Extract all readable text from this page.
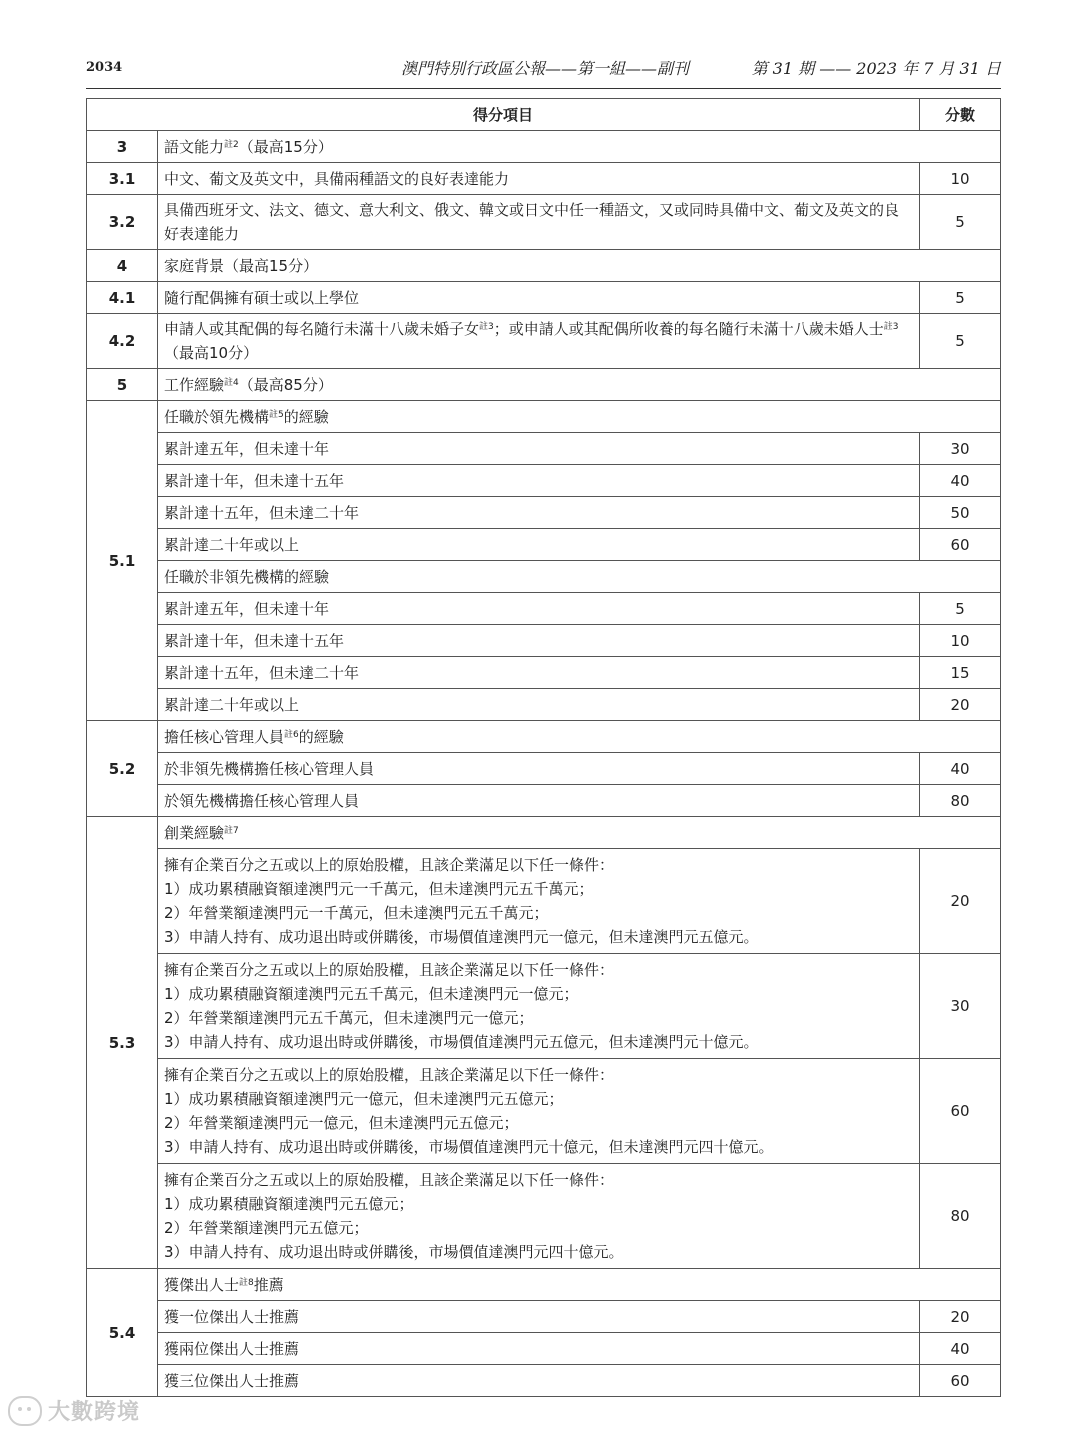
2034	澳門特別行政區公報——第一組——副刊	第 31 期 —— 2023 年 7 月 31 日
得分項目		分數
3	語文能力$^{註2}$（最高15分）	
3.1	中文、葡文及英文中，具備兩種語文的良好表達能力	10
3.2	具備西班牙文、法文、德文、意大利文、俄文、韓文或日文中任一種語文，又或同時具備中文、葡文及英文的良好表達能力	5
4	家庭背景（最高15分）	
4.1	隨行配偶擁有碩士或以上學位	5
4.2	申請人或其配偶的每名隨行未滿十八歲未婚子女$^{註3}$；或申請人或其配偶所收養的每名隨行未滿十八歲未婚人士$^{註3}$（最高10分）	5
5	工作經驗$^{註4}$（最高85分）	
5.1	任職於領先機構$^{註5}$的經驗	
	累計達五年，但未達十年	30
	累計達十年，但未達十五年	40
	累計達十五年，但未達二十年	50
	累計達二十年或以上	60
	任職於非領先機構的經驗	
	累計達五年，但未達十年	5
	累計達十年，但未達十五年	10
	累計達十五年，但未達二十年	15
	累計達二十年或以上	20
5.2	擔任核心管理人員$^{註6}$的經驗	
	於非領先機構擔任核心管理人員	40
	於領先機構擔任核心管理人員	80
5.3	創業經驗$^{註7}$

	擁有企業百分之五或以上的原始股權，且該企業滿足以下任一條件：
1）成功累積融資額達澳門元一千萬元，但未達澳門元五千萬元；
2）年營業額達澳門元一千萬元，但未達澳門元五千萬元；
3）申請人持有、成功退出時或併購後，市場價值達澳門元一億元，但未達澳門元五億元。	20

	擁有企業百分之五或以上的原始股權，且該企業滿足以下任一條件：
1）成功累積融資額達澳門元五千萬元，但未達澳門元一億元；
2）年營業額達澳門元五千萬元，但未達澳門元一億元；
3）申請人持有、成功退出時或併購後，市場價值達澳門元五億元，但未達澳門元十億元。	30

	擁有企業百分之五或以上的原始股權，且該企業滿足以下任一條件：
1）成功累積融資額達澳門元一億元，但未達澳門元五億元；
2）年營業額達澳門元一億元，但未達澳門元五億元；
3）申請人持有、成功退出時或併購後，市場價值達澳門元十億元，但未達澳門元四十億元。	60

	擁有企業百分之五或以上的原始股權，且該企業滿足以下任一條件：
1）成功累積融資額達澳門元五億元；
2）年營業額達澳門元五億元；
3）申請人持有、成功退出時或併購後，市場價值達澳門元四十億元。	80
5.4	獲傑出人士$^{註8}$推薦	
	獲一位傑出人士推薦	20
	獲兩位傑出人士推薦	40
	獲三位傑出人士推薦	60
大數跨境
